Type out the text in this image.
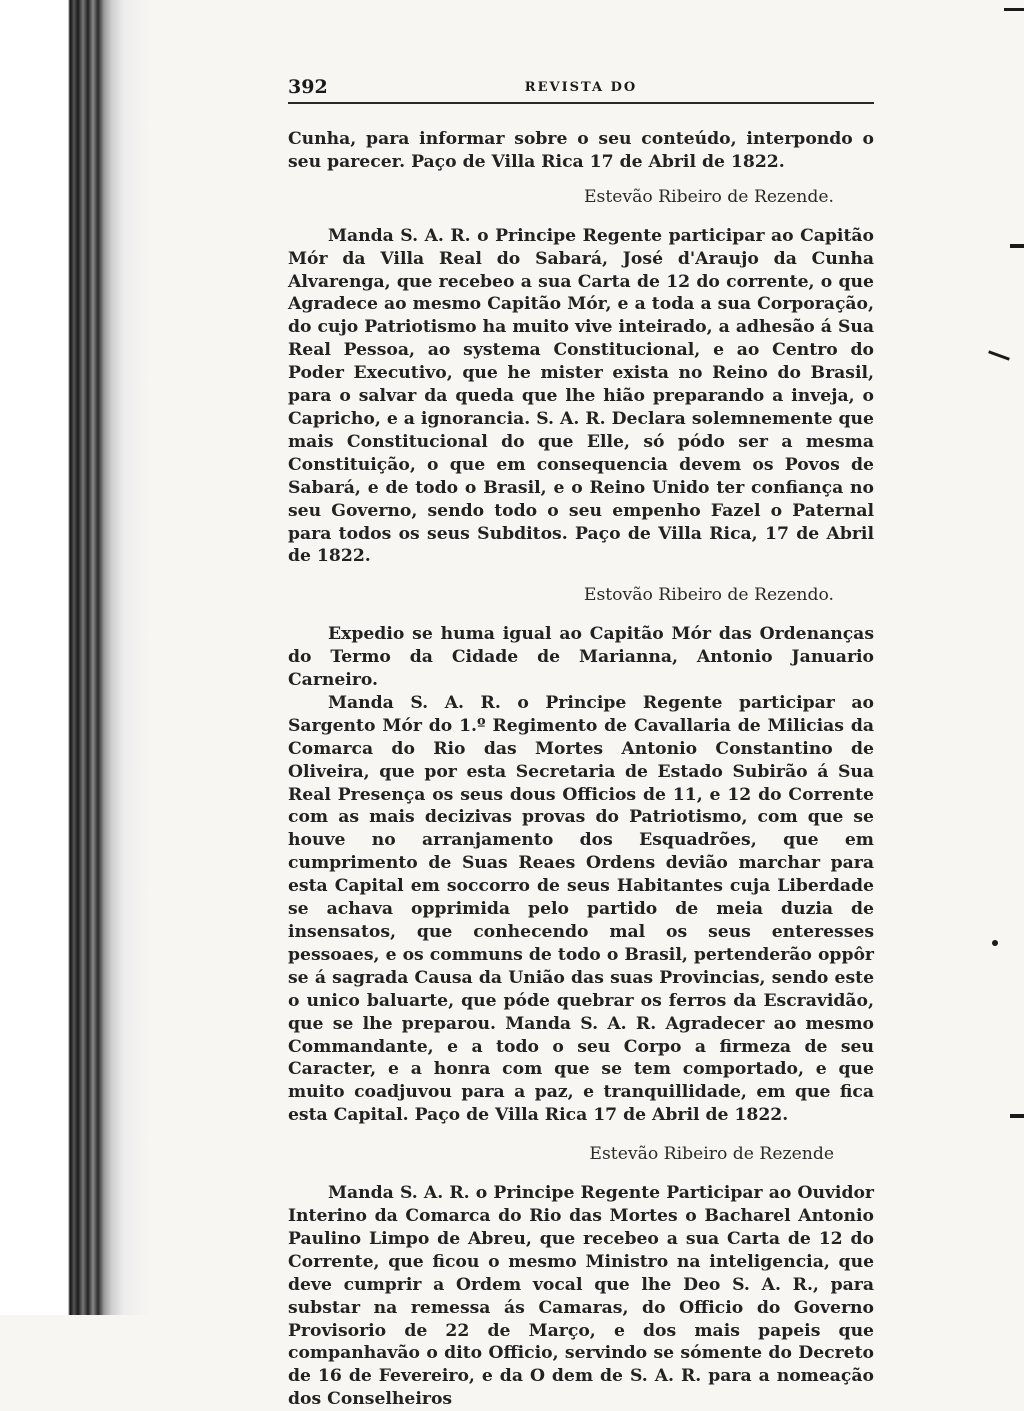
392	REVISTA DO

Cunha, para informar sobre o seu conteúdo, interpondo o seu parecer. Paço de Villa Rica 17 de Abril de 1822.

Estevão Ribeiro de Rezende.

Manda S. A. R. o Principe Regente participar ao Capitão Mór da Villa Real do Sabará, José d'Araujo da Cunha Alvarenga, que recebeo a sua Carta de 12 do corrente, o que Agradece ao mesmo Capitão Mór, e a toda a sua Corporação, do cujo Patriotismo ha muito vive inteirado, a adhesão á Sua Real Pessoa, ao systema Constitucional, e ao Centro do Poder Executivo, que he mister exista no Reino do Brasil, para o salvar da queda que lhe hião preparando a inveja, o Capricho, e a ignorancia. S. A. R. Declara solemnemente que mais Constitucional do que Elle, só pódo ser a mesma Constituição, o que em consequencia devem os Povos de Sabará, e de todo o Brasil, e o Reino Unido ter confiança no seu Governo, sendo todo o seu empenho Fazel o Paternal para todos os seus Subditos. Paço de Villa Rica, 17 de Abril de 1822.

Estovão Ribeiro de Rezendo.

Expedio se huma igual ao Capitão Mór das Ordenanças do Termo da Cidade de Marianna, Antonio Januario Carneiro.

Manda S. A. R. o Principe Regente participar ao Sargento Mór do 1.º Regimento de Cavallaria de Milicias da Comarca do Rio das Mortes Antonio Constantino de Oliveira, que por esta Secretaria de Estado Subirão á Sua Real Presença os seus dous Officios de 11, e 12 do Corrente com as mais decizivas provas do Patriotismo, com que se houve no arranjamento dos Esquadrões, que em cumprimento de Suas Reaes Ordens devião marchar para esta Capital em soccorro de seus Habitantes cuja Liberdade se achava opprimida pelo partido de meia duzia de insensatos, que conhecendo mal os seus enteresses pessoaes, e os communs de todo o Brasil, pertenderão oppôr se á sagrada Causa da União das suas Provincias, sendo este o unico baluarte, que póde quebrar os ferros da Escravidão, que se lhe preparou. Manda S. A. R. Agradecer ao mesmo Commandante, e a todo o seu Corpo a firmeza de seu Caracter, e a honra com que se tem comportado, e que muito coadjuvou para a paz, e tranquillidade, em que fica esta Capital. Paço de Villa Rica 17 de Abril de 1822.

Estevão Ribeiro de Rezende

Manda S. A. R. o Principe Regente Participar ao Ouvidor Interino da Comarca do Rio das Mortes o Bacharel Antonio Paulino Limpo de Abreu, que recebeo a sua Carta de 12 do Corrente, que ficou o mesmo Ministro na inteligencia, que deve cumprir a Ordem vocal que lhe Deo S. A. R., para substar na remessa ás Camaras, do Officio do Governo Provisorio de 22 de Março, e dos mais papeis que companhavão o dito Officio, servindo se sómente do Decreto de 16 de Fevereiro, e da O dem de S. A. R. para a nomeação dos Conselheiros
